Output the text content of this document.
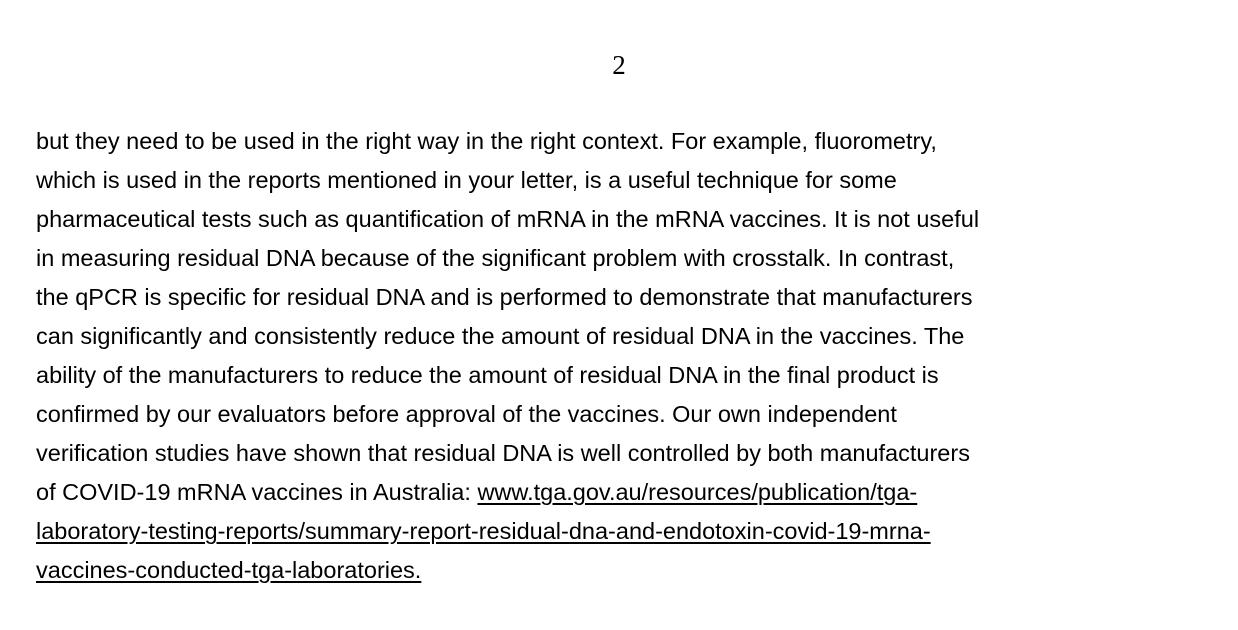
2
but they need to be used in the right way in the right context. For example, fluorometry,
which is used in the reports mentioned in your letter, is a useful technique for some
pharmaceutical tests such as quantification of mRNA in the mRNA vaccines. It is not useful
in measuring residual DNA because of the significant problem with crosstalk. In contrast,
the qPCR is specific for residual DNA and is performed to demonstrate that manufacturers
can significantly and consistently reduce the amount of residual DNA in the vaccines. The
ability of the manufacturers to reduce the amount of residual DNA in the final product is
confirmed by our evaluators before approval of the vaccines. Our own independent
verification studies have shown that residual DNA is well controlled by both manufacturers
of COVID-19 mRNA vaccines in Australia: www.tga.gov.au/resources/publication/tga-
laboratory-testing-reports/summary-report-residual-dna-and-endotoxin-covid-19-mrna-
vaccines-conducted-tga-laboratories.
